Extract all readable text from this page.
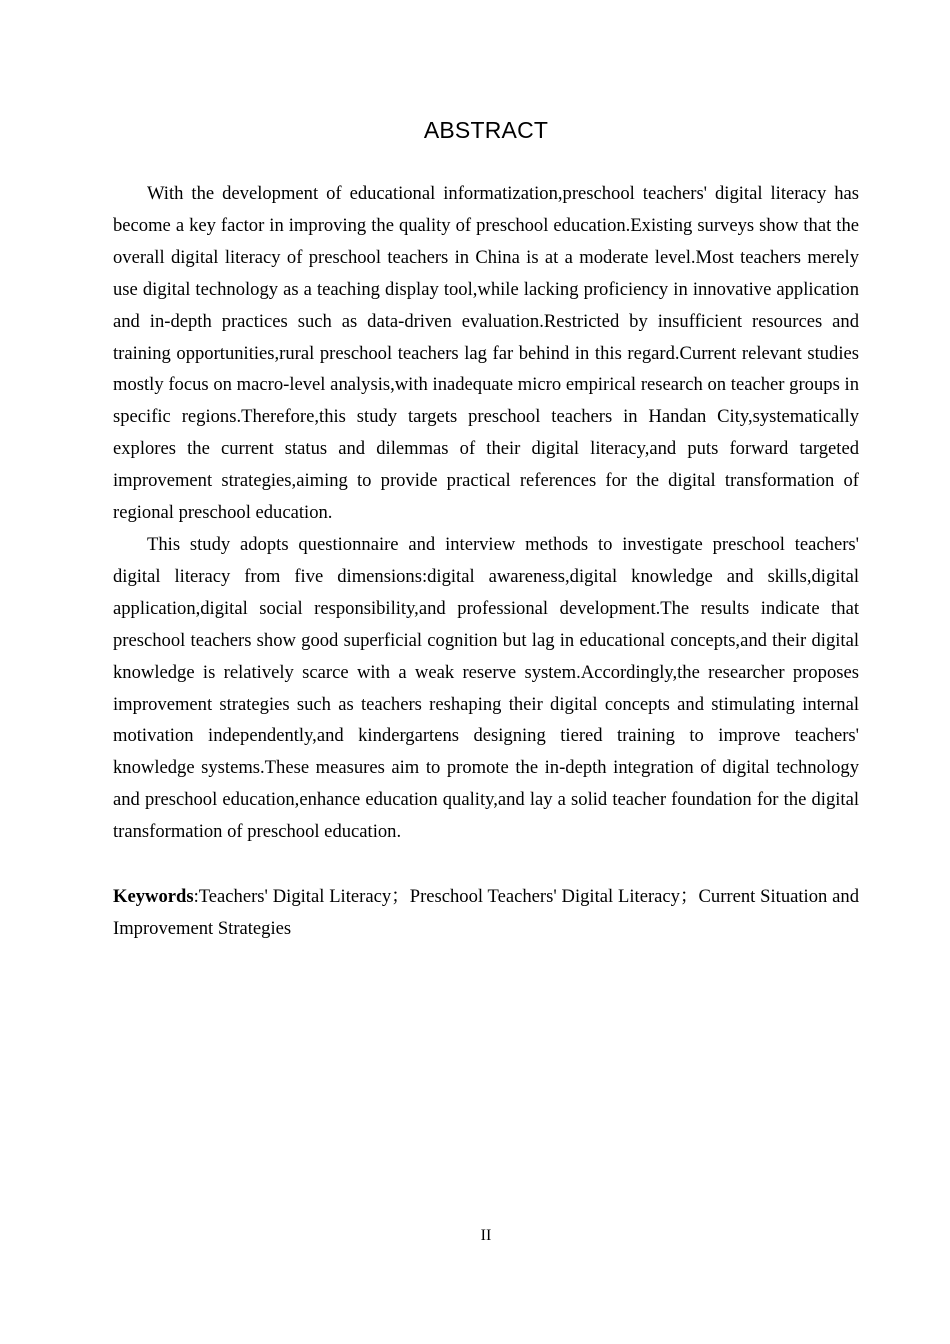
ABSTRACT

With the development of educational informatization,preschool teachers' digital literacy has become a key factor in improving the quality of preschool education.Existing surveys show that the overall digital literacy of preschool teachers in China is at a moderate level.Most teachers merely use digital technology as a teaching display tool,while lacking proficiency in innovative application and in-depth practices such as data-driven evaluation.Restricted by insufficient resources and training opportunities,rural preschool teachers lag far behind in this regard.Current relevant studies mostly focus on macro-level analysis,with inadequate micro empirical research on teacher groups in specific regions.Therefore,this study targets preschool teachers in Handan City,systematically explores the current status and dilemmas of their digital literacy,and puts forward targeted improvement strategies,aiming to provide practical references for the digital transformation of regional preschool education.

This study adopts questionnaire and interview methods to investigate preschool teachers' digital literacy from five dimensions:digital awareness,digital knowledge and skills,digital application,digital social responsibility,and professional development.The results indicate that preschool teachers show good superficial cognition but lag in educational concepts,and their digital knowledge is relatively scarce with a weak reserve system.Accordingly,the researcher proposes improvement strategies such as teachers reshaping their digital concepts and stimulating internal motivation independently,and kindergartens designing tiered training to improve teachers' knowledge systems.These measures aim to promote the in-depth integration of digital technology and preschool education,enhance education quality,and lay a solid teacher foundation for the digital transformation of preschool education.

Keywords:Teachers' Digital Literacy；Preschool Teachers' Digital Literacy；Current Situation and Improvement Strategies
II
